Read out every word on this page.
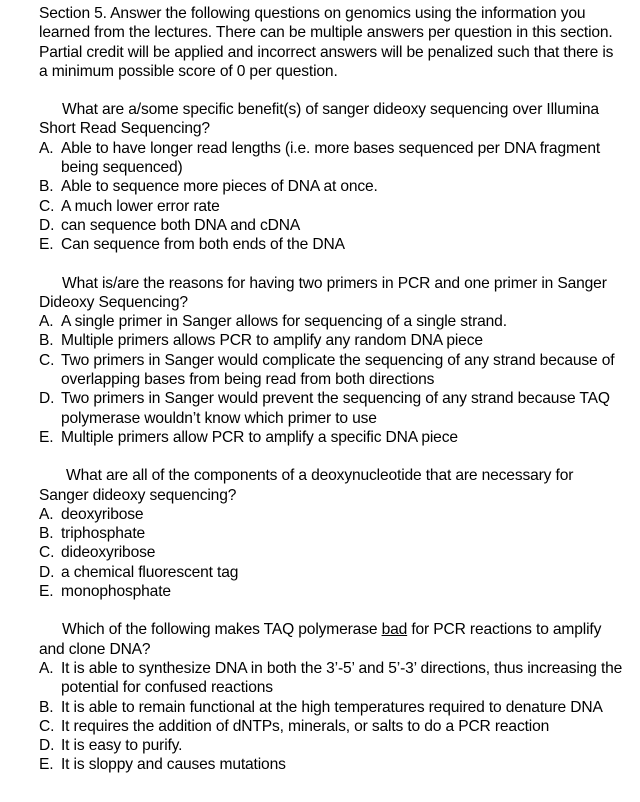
Section 5. Answer the following questions on genomics using the information you learned from the lectures. There can be multiple answers per question in this section. Partial credit will be applied and incorrect answers will be penalized such that there is a minimum possible score of 0 per question.
What are a/some specific benefit(s) of sanger dideoxy sequencing over Illumina Short Read Sequencing?
A. Able to have longer read lengths (i.e. more bases sequenced per DNA fragment being sequenced)
B. Able to sequence more pieces of DNA at once.
C. A much lower error rate
D. can sequence both DNA and cDNA
E. Can sequence from both ends of the DNA
What is/are the reasons for having two primers in PCR and one primer in Sanger Dideoxy Sequencing?
A. A single primer in Sanger allows for sequencing of a single strand.
B. Multiple primers allows PCR to amplify any random DNA piece
C. Two primers in Sanger would complicate the sequencing of any strand because of overlapping bases from being read from both directions
D. Two primers in Sanger would prevent the sequencing of any strand because TAQ polymerase wouldn’t know which primer to use
E. Multiple primers allow PCR to amplify a specific DNA piece
What are all of the components of a deoxynucleotide that are necessary for Sanger dideoxy sequencing?
A. deoxyribose
B. triphosphate
C. dideoxyribose
D. a chemical fluorescent tag
E. monophosphate
Which of the following makes TAQ polymerase bad for PCR reactions to amplify and clone DNA?
A. It is able to synthesize DNA in both the 3’-5’ and 5’-3’ directions, thus increasing the potential for confused reactions
B. It is able to remain functional at the high temperatures required to denature DNA
C. It requires the addition of dNTPs, minerals, or salts to do a PCR reaction
D. It is easy to purify.
E. It is sloppy and causes mutations
